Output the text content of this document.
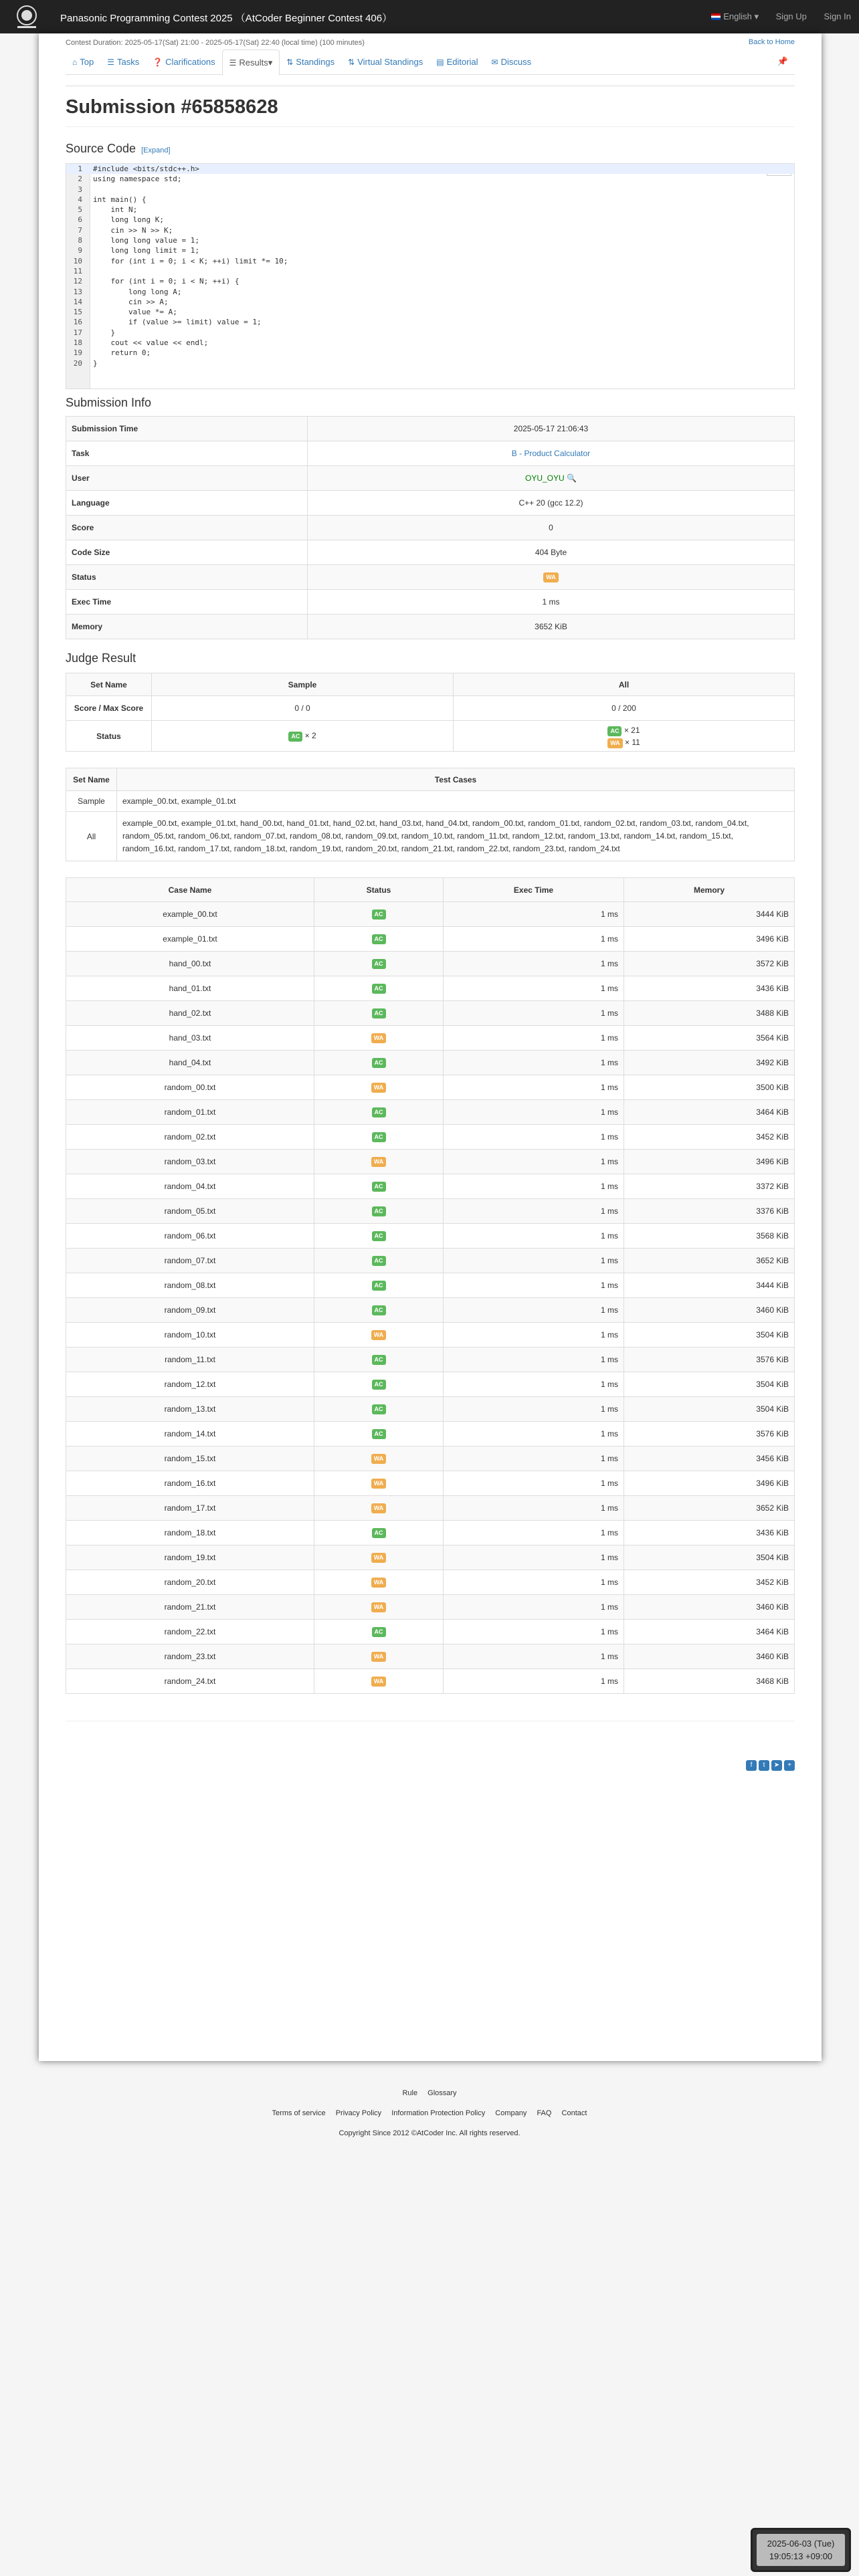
Panasonic Programming Contest 2025 （AtCoder Beginner Contest 406）	English ▾ Sign Up Sign In
Contest Duration: 2025-05-17(Sat) 21:00 - 2025-05-17(Sat) 22:40 (local time) (100 minutes)	Back to Home
⌂ Top	☰ Tasks	❓ Clarifications	☰ Results▾	⇅ Standings	⇅ Virtual Standings	▤ Editorial	✉ Discuss	📌
Submission #65858628
Source Code [Expand]
1 #include <bits/stdc++.h>
2 using namespace std;
3
4 int main() {
5 int N;
6 long long K;
7 cin >> N >> K;
8 long long value = 1;
9 long long limit = 1;
10 for (int i = 0; i < K; ++i) limit *= 10;
11
12 for (int i = 0; i < N; ++i) {
13 long long A;
14 cin >> A;
15 value *= A;
16 if (value >= limit) value = 1;
17 }
18 cout << value << endl;
19 return 0;
20 }
Submission Info
Submission Time	2025-05-17 21:06:43
Task	B - Product Calculator
User	OYU_OYU 🔍
Language	C++ 20 (gcc 12.2)
Score	0
Code Size	404 Byte
Status	WA
Exec Time	1 ms
Memory	3652 KiB
Judge Result
Set Name	Sample	All
Score / Max Score	0 / 0	0 / 200
Status	AC × 2	AC × 21
WA × 11
Set Name	Test Cases
Sample	example_00.txt, example_01.txt
All	example_00.txt, example_01.txt, hand_00.txt, hand_01.txt, hand_02.txt, hand_03.txt, hand_04.txt, random_00.txt, random_01.txt, random_02.txt, random_03.txt, random_04.txt, random_05.txt, random_06.txt, random_07.txt, random_08.txt, random_09.txt, random_10.txt, random_11.txt, random_12.txt, random_13.txt, random_14.txt, random_15.txt, random_16.txt, random_17.txt, random_18.txt, random_19.txt, random_20.txt, random_21.txt, random_22.txt, random_23.txt, random_24.txt
Case Name	Status	Exec Time	Memory
example_00.txt	AC	1 ms	3444 KiB
example_01.txt	AC	1 ms	3496 KiB
hand_00.txt	AC	1 ms	3572 KiB
hand_01.txt	AC	1 ms	3436 KiB
hand_02.txt	AC	1 ms	3488 KiB
hand_03.txt	WA	1 ms	3564 KiB
hand_04.txt	AC	1 ms	3492 KiB
random_00.txt	WA	1 ms	3500 KiB
random_01.txt	AC	1 ms	3464 KiB
random_02.txt	AC	1 ms	3452 KiB
random_03.txt	WA	1 ms	3496 KiB
random_04.txt	AC	1 ms	3372 KiB
random_05.txt	AC	1 ms	3376 KiB
random_06.txt	AC	1 ms	3568 KiB
random_07.txt	AC	1 ms	3652 KiB
random_08.txt	AC	1 ms	3444 KiB
random_09.txt	AC	1 ms	3460 KiB
random_10.txt	WA	1 ms	3504 KiB
random_11.txt	AC	1 ms	3576 KiB
random_12.txt	AC	1 ms	3504 KiB
random_13.txt	AC	1 ms	3504 KiB
random_14.txt	AC	1 ms	3576 KiB
random_15.txt	WA	1 ms	3456 KiB
random_16.txt	WA	1 ms	3496 KiB
random_17.txt	WA	1 ms	3652 KiB
random_18.txt	AC	1 ms	3436 KiB
random_19.txt	WA	1 ms	3504 KiB
random_20.txt	WA	1 ms	3452 KiB
random_21.txt	WA	1 ms	3460 KiB
random_22.txt	AC	1 ms	3464 KiB
random_23.txt	WA	1 ms	3460 KiB
random_24.txt	WA	1 ms	3468 KiB
f	t	➤	+
Rule Glossary
Terms of service Privacy Policy Information Protection Policy Company FAQ Contact
Copyright Since 2012 ©AtCoder Inc. All rights reserved.
2025-06-03 (Tue)
19:05:13 +09:00
